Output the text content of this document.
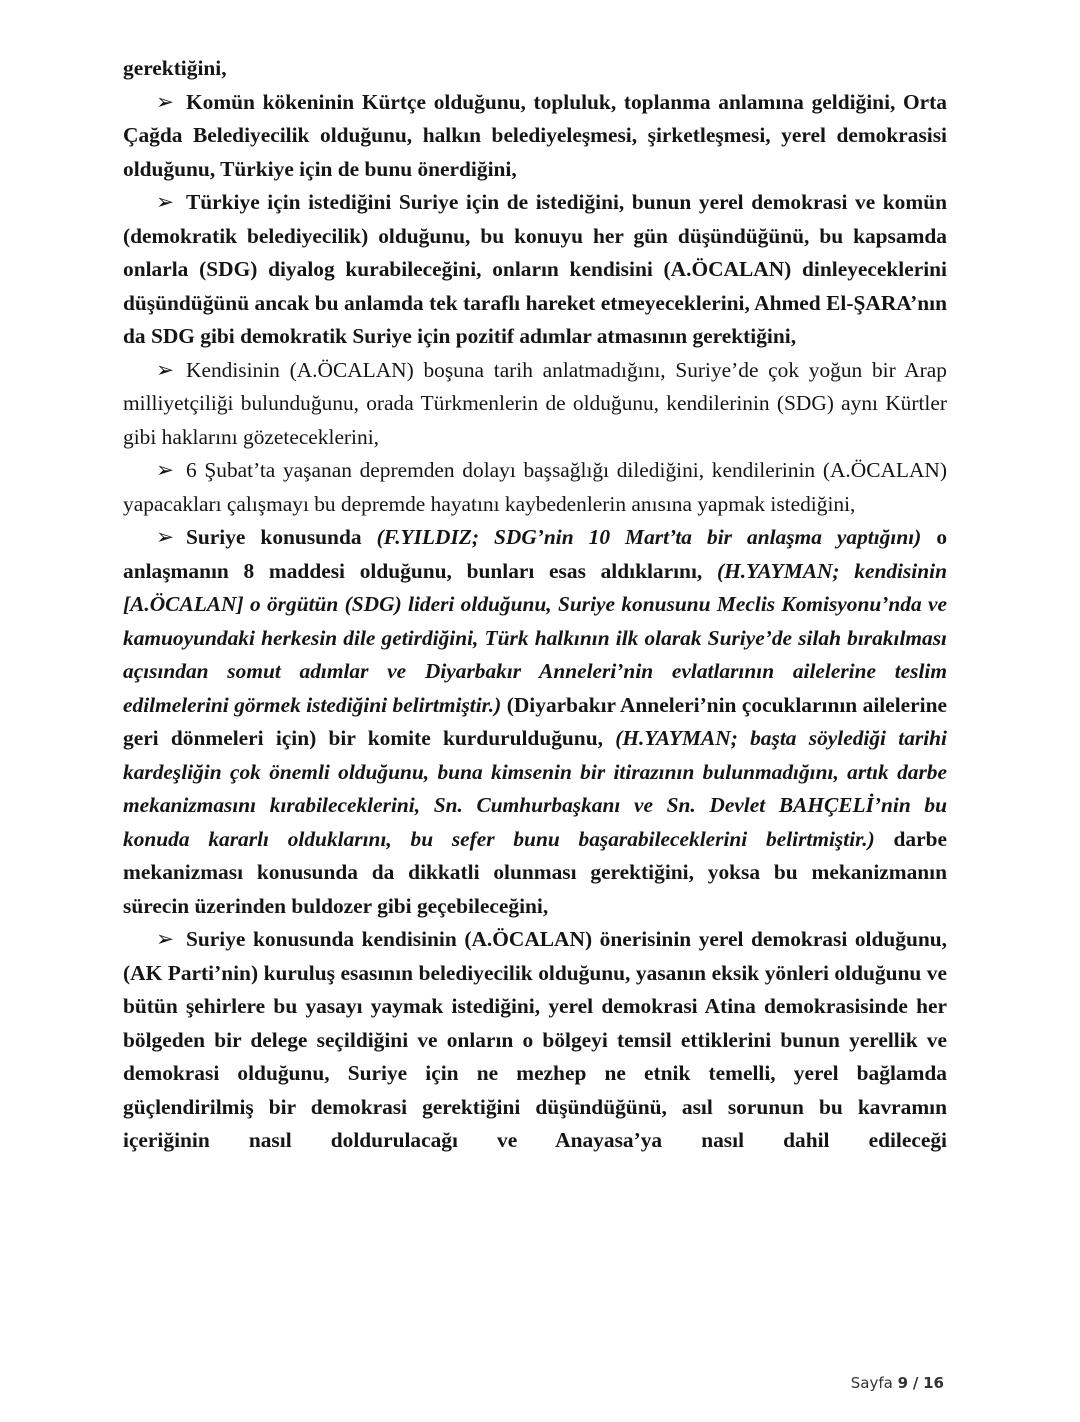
gerektiğini,

➢ Komün kökeninin Kürtçe olduğunu, topluluk, toplanma anlamına geldiğini, Orta Çağda Belediyecilik olduğunu, halkın belediyeleşmesi, şirketleşmesi, yerel demokrasisi olduğunu, Türkiye için de bunu önerdiğini,

➢ Türkiye için istediğini Suriye için de istediğini, bunun yerel demokrasi ve komün (demokratik belediyecilik) olduğunu, bu konuyu her gün düşündüğünü, bu kapsamda onlarla (SDG) diyalog kurabileceğini, onların kendisini (A.ÖCALAN) dinleyeceklerini düşündüğünü ancak bu anlamda tek taraflı hareket etmeyeceklerini, Ahmed El-ŞARA’nın da SDG gibi demokratik Suriye için pozitif adımlar atmasının gerektiğini,

➢ Kendisinin (A.ÖCALAN) boşuna tarih anlatmadığını, Suriye’de çok yoğun bir Arap milliyetçiliği bulunduğunu, orada Türkmenlerin de olduğunu, kendilerinin (SDG) aynı Kürtler gibi haklarını gözeteceklerini,

➢ 6 Şubat’ta yaşanan depremden dolayı başsağlığı dilediğini, kendilerinin (A.ÖCALAN) yapacakları çalışmayı bu depremde hayatını kaybedenlerin anısına yapmak istediğini,

➢ Suriye konusunda (F.YILDIZ; SDG’nin 10 Mart’ta bir anlaşma yaptığını) o anlaşmanın 8 maddesi olduğunu, bunları esas aldıklarını, (H.YAYMAN; kendisinin [A.ÖCALAN] o örgütün (SDG) lideri olduğunu, Suriye konusunu Meclis Komisyonu’nda ve kamuoyundaki herkesin dile getirdiğini, Türk halkının ilk olarak Suriye’de silah bırakılması açısından somut adımlar ve Diyarbakır Anneleri’nin evlatlarının ailelerine teslim edilmelerini görmek istediğini belirtmiştir.) (Diyarbakır Anneleri’nin çocuklarının ailelerine geri dönmeleri için) bir komite kurdurulduğunu, (H.YAYMAN; başta söylediği tarihi kardeşliğin çok önemli olduğunu, buna kimsenin bir itirazının bulunmadığını, artık darbe mekanizmasını kırabileceklerini, Sn. Cumhurbaşkanı ve Sn. Devlet BAHÇELİ’nin bu konuda kararlı olduklarını, bu sefer bunu başarabileceklerini belirtmiştir.) darbe mekanizması konusunda da dikkatli olunması gerektiğini, yoksa bu mekanizmanın sürecin üzerinden buldozer gibi geçebileceğini,

➢ Suriye konusunda kendisinin (A.ÖCALAN) önerisinin yerel demokrasi olduğunu, (AK Parti’nin) kuruluş esasının belediyecilik olduğunu, yasanın eksik yönleri olduğunu ve bütün şehirlere bu yasayı yaymak istediğini, yerel demokrasi Atina demokrasisinde her bölgeden bir delege seçildiğini ve onların o bölgeyi temsil ettiklerini bunun yerellik ve demokrasi olduğunu, Suriye için ne mezhep ne etnik temelli, yerel bağlamda güçlendirilmiş bir demokrasi gerektiğini düşündüğünü, asıl sorunun bu kavramın içeriğinin nasıl doldurulacağı ve Anayasa’ya nasıl dahil edileceği

Sayfa 9 / 16
